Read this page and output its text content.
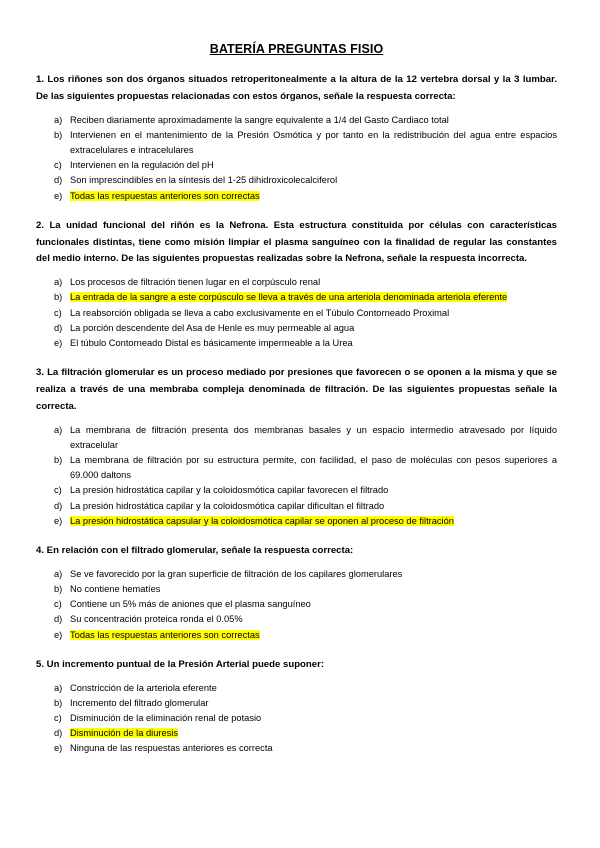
BATERÍA PREGUNTAS FISIO

1. Los riñones son dos órganos situados retroperitonealmente a la altura de la 12 vertebra dorsal y la 3 lumbar. De las siguientes propuestas relacionadas con estos órganos, señale la respuesta correcta:

a) Reciben diariamente aproximadamente la sangre equivalente a 1/4 del Gasto Cardiaco total
b) Intervienen en el mantenimiento de la Presión Osmótica y por tanto en la redistribución del agua entre espacios extracelulares e intracelulares
c) Intervienen en la regulación del pH
d) Son imprescindibles en la síntesis del 1-25 dihidroxicolecalciferol
e) Todas las respuestas anteriores son correctas

2. La unidad funcional del riñón es la Nefrona. Esta estructura constituida por células con características funcionales distintas, tiene como misión limpiar el plasma sanguíneo con la finalidad de regular las constantes del medio interno. De las siguientes propuestas realizadas sobre la Nefrona, señale la respuesta incorrecta.

a) Los procesos de filtración tienen lugar en el corpúsculo renal
b) La entrada de la sangre a este corpúsculo se lleva a través de una arteriola denominada arteriola eferente
c) La reabsorción obligada se lleva a cabo exclusivamente en el Túbulo Contorneado Proximal
d) La porción descendente del Asa de Henle es muy permeable al agua
e) El túbulo Contorneado Distal es básicamente impermeable a la Urea

3. La filtración glomerular es un proceso mediado por presiones que favorecen o se oponen a la misma y que se realiza a través de una membraba compleja denominada de filtración. De las siguientes propuestas señale la correcta.

a) La membrana de filtración presenta dos membranas basales y un espacio intermedio atravesado por líquido extracelular
b) La membrana de filtración por su estructura permite, con facilidad, el paso de moléculas con pesos superiores a 69.000 daltons
c) La presión hidrostática capilar y la coloidosmótica capilar favorecen el filtrado
d) La presión hidrostática capilar y la coloidosmótica capilar dificultan el filtrado
e) La presión hidrostática capsular y la coloidosmótica capilar se oponen al proceso de filtración

4. En relación con el filtrado glomerular, señale la respuesta correcta:

a) Se ve favorecido por la gran superficie de filtración de los capilares glomerulares
b) No contiene hematíes
c) Contiene un 5% más de aniones que el plasma sanguíneo
d) Su concentración proteica ronda el 0.05%
e) Todas las respuestas anteriores son correctas

5. Un incremento puntual de la Presión Arterial puede suponer:

a) Constricción de la arteriola eferente
b) Incremento del filtrado glomerular
c) Disminución de la eliminación renal de potasio
d) Disminución de la diuresis
e) Ninguna de las respuestas anteriores es correcta
